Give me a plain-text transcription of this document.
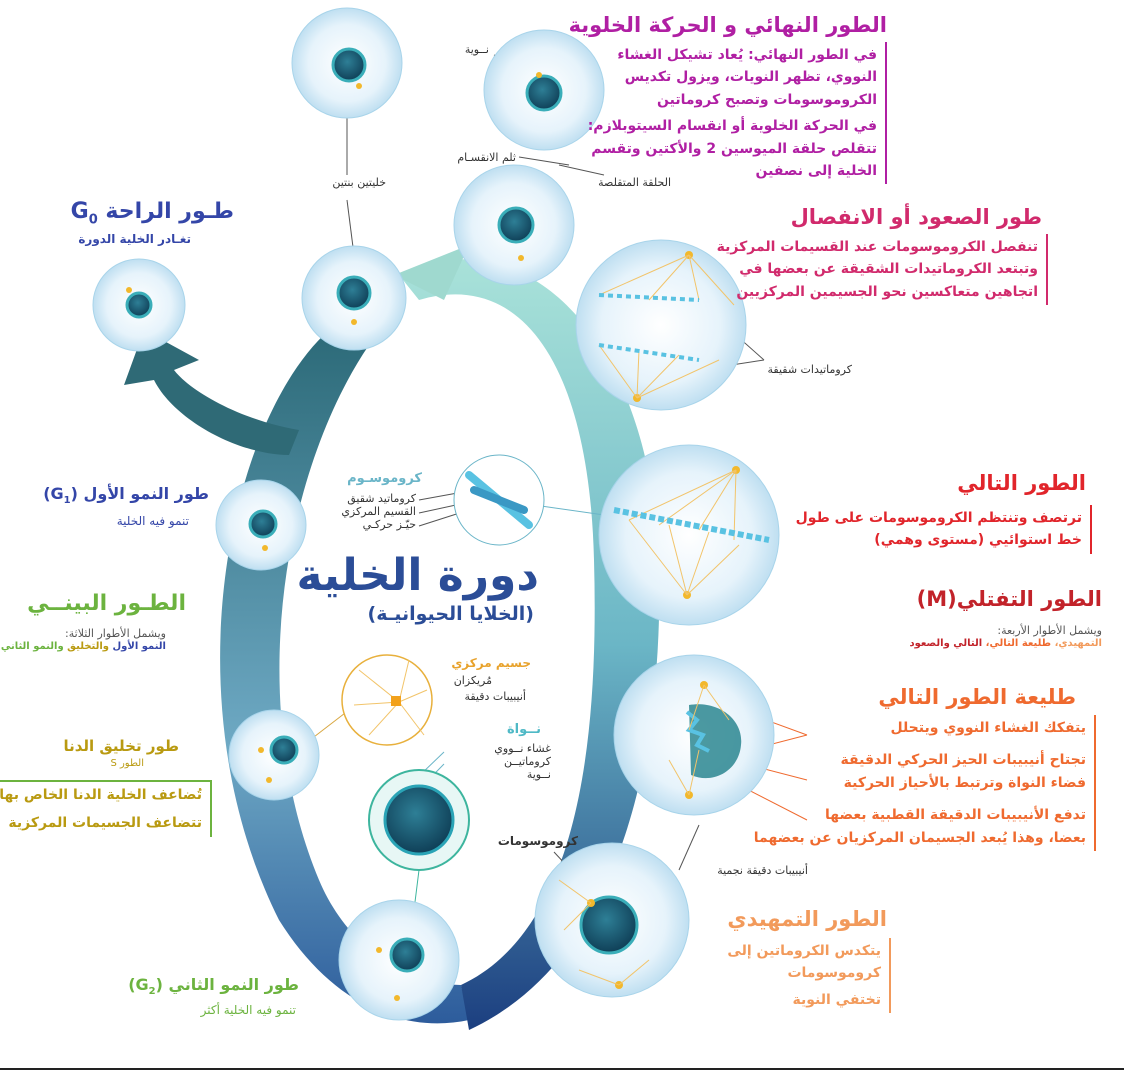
دورة الخلية
(الخلايا الحيوانيـة)
الطور النهائي و الحركة الخلوية
في الطور النهائي: يُعاد تشيكل الغشاء
النووي، تظهر النويات، ويزول تكديس
الكروموسومات وتصبح كروماتين
في الحركة الخلوية أو انقسام السيتوبلازم:
تتقلص حلقة الميوسين 2 والأكتين وتقسم
الخلية إلى نصفين
نــوية
ثلم الانقسـام
الحلقة المتقلصة
خليتين بنتين
طـور الراحة $G_0$
تغـادر الخلية الدورة
طور الصعود أو الانفصال
تنفصل الكروموسومات عند القسيمات المركزية
وتبتعد الكروماتيدات الشقيقة عن بعضها في
اتجاهين متعاكسين نحو الجسيمين المركزيين
كروماتيدات شقيقة
طور النمو الأول $(G_1)$
تنمو فيه الخلية
كروموسـوم
كروماتيد شقيق
القسيم المركزي
حيّـز حركـي
الطور التالي
ترتصف وتنتظم الكروموسومات على طول
خط استوائيي (مستوى وهمي)
الطـور البينــي
ويشمل الأطوار الثلاثة:
النمو الأول والتخليق والنمو الثاني
الطور التفتلي(M)
ويشمل الأطوار الأربعة:
التمهيدي، طليعة التالي، التالي والصعود
جسيم مركزي
مُريكزان
أنيبيبات دقيقة	طليعة الطور التالي
يتفكك الغشاء النووي ويتحلل
تجتاح أنيبيبات الحيز الحركي الدقيقة
فضاء النواة وترتبط بالأحياز الحركية
تدفع الأنيبيبات الدقيقة القطبية بعضها
بعضا، وهذا يُبعد الجسيمان المركزيان عن بعضهما
أنيبيبات دقيقة نجمية
نــواة
غشاء نــووي
كروماتيــن
نــوية
كروموسومات
طور تخليق الدنا
الطور S
تُضاعف الخلية الدنا الخاص بها
تتضاعف الجسيمات المركزية
الطور التمهيدي
يتكدس الكروماتين إلى
كروموسومات
تختفي النوية
طور النمو الثاني $(G_2)$
تنمو فيه الخلية أكثر
